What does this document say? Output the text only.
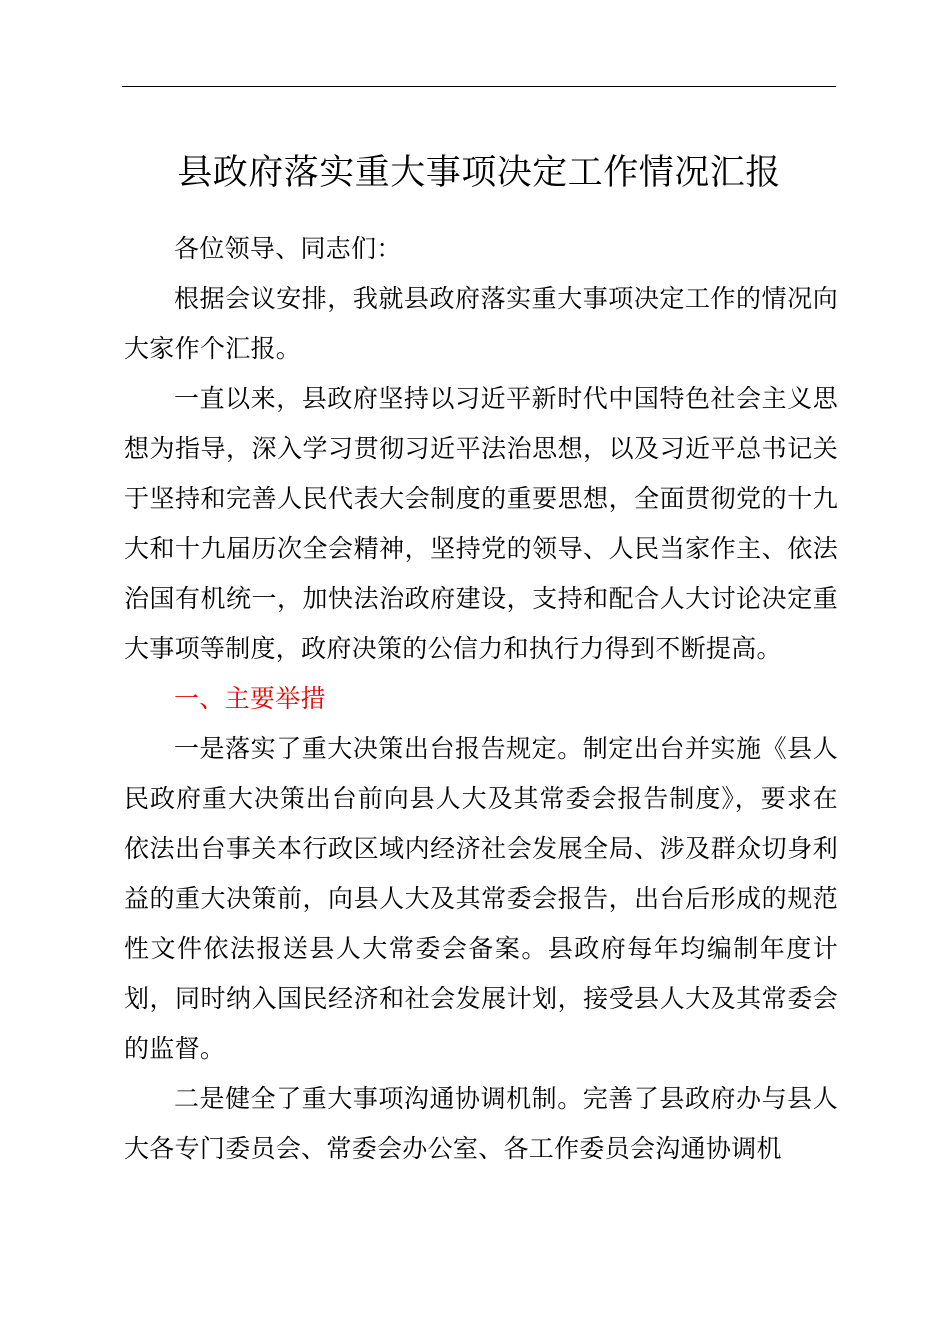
县政府落实重大事项决定工作情况汇报

各位领导、同志们：

根据会议安排，我就县政府落实重大事项决定工作的情况向大家作个汇报。

一直以来，县政府坚持以习近平新时代中国特色社会主义思想为指导，深入学习贯彻习近平法治思想，以及习近平总书记关于坚持和完善人民代表大会制度的重要思想，全面贯彻党的十九大和十九届历次全会精神，坚持党的领导、人民当家作主、依法治国有机统一，加快法治政府建设，支持和配合人大讨论决定重大事项等制度，政府决策的公信力和执行力得到不断提高。

一、主要举措

一是落实了重大决策出台报告规定。制定出台并实施《县人民政府重大决策出台前向县人大及其常委会报告制度》，要求在依法出台事关本行政区域内经济社会发展全局、涉及群众切身利益的重大决策前，向县人大及其常委会报告，出台后形成的规范性文件依法报送县人大常委会备案。县政府每年均编制年度计划，同时纳入国民经济和社会发展计划，接受县人大及其常委会的监督。

二是健全了重大事项沟通协调机制。完善了县政府办与县人大各专门委员会、常委会办公室、各工作委员会沟通协调机
